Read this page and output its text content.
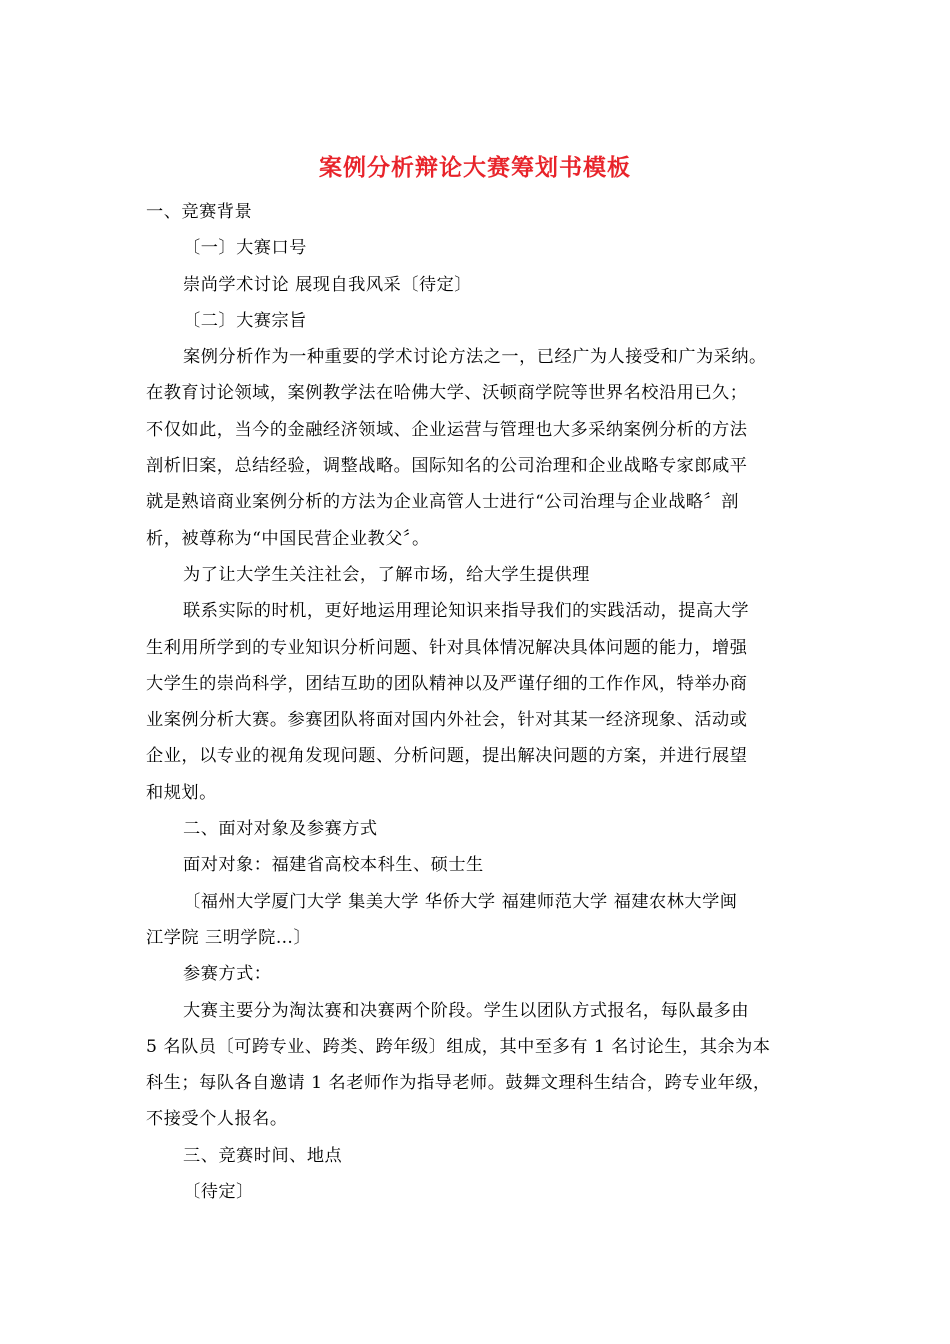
案例分析辩论大赛筹划书模板

一、竞赛背景

〔一〕大赛口号

崇尚学术讨论 展现自我风采〔待定〕

〔二〕大赛宗旨

案例分析作为一种重要的学术讨论方法之一，已经广为人接受和广为采纳。

在教育讨论领域，案例教学法在哈佛大学、沃顿商学院等世界名校沿用已久；

不仅如此，当今的金融经济领域、企业运营与管理也大多采纳案例分析的方法

剖析旧案，总结经验，调整战略。国际知名的公司治理和企业战略专家郎咸平

就是熟谙商业案例分析的方法为企业高管人士进行“公司治理与企业战略〞剖

析，被尊称为“中国民营企业教父〞。

为了让大学生关注社会，了解市场，给大学生提供理

联系实际的时机，更好地运用理论知识来指导我们的实践活动，提高大学

生利用所学到的专业知识分析问题、针对具体情况解决具体问题的能力，增强

大学生的崇尚科学，团结互助的团队精神以及严谨仔细的工作作风，特举办商

业案例分析大赛。参赛团队将面对国内外社会，针对其某一经济现象、活动或

企业，以专业的视角发现问题、分析问题，提出解决问题的方案，并进行展望

和规划。

二、面对对象及参赛方式

面对对象：福建省高校本科生、硕士生

〔福州大学厦门大学 集美大学 华侨大学 福建师范大学 福建农林大学闽

江学院 三明学院…〕

参赛方式：

大赛主要分为淘汰赛和决赛两个阶段。学生以团队方式报名，每队最多由

5 名队员〔可跨专业、跨类、跨年级〕组成，其中至多有 1 名讨论生，其余为本

科生；每队各自邀请 1 名老师作为指导老师。鼓舞文理科生结合，跨专业年级，

不接受个人报名。

三、竞赛时间、地点

〔待定〕
